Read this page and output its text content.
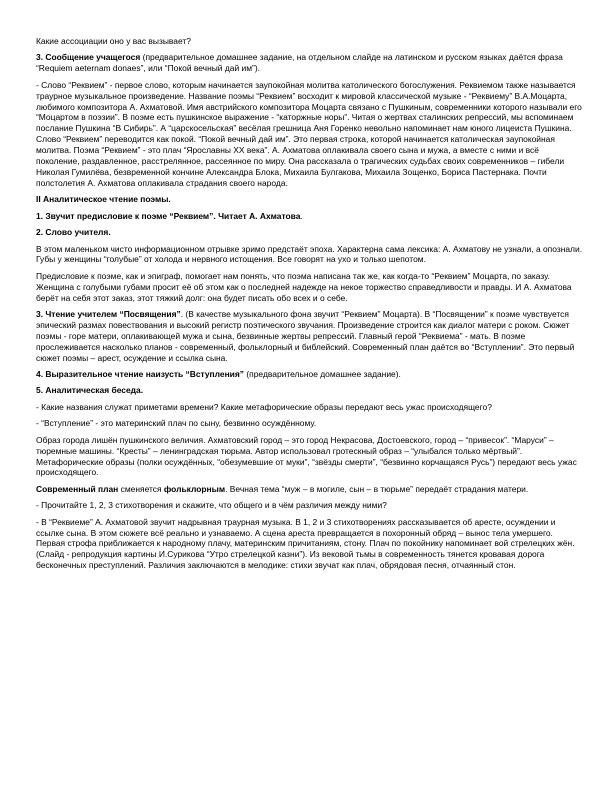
Какие ассоциации оно у вас вызывает?

3. Сообщение учащегося (предварительное домашнее задание, на отдельном слайде на латинском и русском языках даётся фраза “Requiem aeternam donaes”, или “Покой вечный дай им”).

- Слово “Реквием” - первое слово, которым начинается заупокойная молитва католического богослужения. Реквиемом также называется траурное музыкальное произведение. Название поэмы “Реквием” восходит к мировой классической музыке - “Реквиему” В.А.Моцарта, любимого композитора А. Ахматовой. Имя австрийского композитора Моцарта связано с Пушкиным, современники которого называли его “Моцартом в поэзии”. В поэме есть пушкинское выражение - “каторжные норы”. Читая о жертвах сталинских репрессий, мы вспоминаем послание Пушкина “В Сибирь”. А “царскосельская” весёлая грешница Аня Горенко невольно напоминает нам юного лицеиста Пушкина. Слово “Реквием” переводится как покой. “Покой вечный дай им”. Это первая строка, которой начинается католическая заупокойная молитва. Поэма “Реквием” - это плач “Ярославны XX века”. А. Ахматова оплакивала своего сына и мужа, а вместе с ними и всё поколение, раздавленное, расстрелянное, рассеянное по миру. Она рассказала о трагических судьбах своих современников – гибели Николая Гумилёва, безвременной кончине Александра Блока, Михаила Булгакова, Михаила Зощенко, Бориса Пастернака. Почти полстолетия А. Ахматова оплакивала страдания своего народа.

II Аналитическое чтение поэмы.

1. Звучит предисловие к поэме “Реквием”. Читает А. Ахматова.

2. Слово учителя.

В этом маленьком чисто информационном отрывке зримо предстаёт эпоха. Характерна сама лексика: А. Ахматову не узнали, а опознали. Губы у женщины “голубые” от холода и нервного истощения. Все говорят на ухо и только шепотом.

Предисловие к поэме, как и эпиграф, помогает нам понять, что поэма написана так же, как когда-то “Реквием” Моцарта, по заказу. Женщина с голубыми губами просит её об этом как о последней надежде на некое торжество справедливости и правды. И А. Ахматова берёт на себя этот заказ, этот тяжкий долг: она будет писать обо всех и о себе.

3. Чтение учителем “Посвящения”. (В качестве музыкального фона звучит “Реквием” Моцарта). В “Посвящении” к поэме чувствуется эпический размах повествования и высокий регистр поэтического звучания. Произведение строится как диалог матери с роком. Сюжет поэмы - горе матери, оплакивающей мужа и сына, безвинные жертвы репрессий. Главный герой “Реквиема” - мать. В поэме прослеживается насколько планов - современный, фольклорный и библейский. Современный план даётся во “Вступлении”. Это первый сюжет поэмы – арест, осуждение и ссылка сына.

4. Выразительное чтение наизусть “Вступления” (предварительное домашнее задание).

5. Аналитическая беседа.

- Какие названия служат приметами времени? Какие метафорические образы передают весь ужас происходящего?

- “Вступление” - это материнский плач по сыну, безвинно осуждённому.

Образ города лишён пушкинского величия. Ахматовский город – это город Некрасова, Достоевского, город – “привесок”. “Маруси” – тюремные машины. “Кресты” – ленинградская тюрьма. Автор использовал гротескный образ – “улыбался только мёртвый”. Метафорические образы (полки осуждённых, “обезумевшие от муки”, “звёзды смерти”, “безвинно корчащаяся Русь”) передают весь ужас происходящего.

Современный план сменяется фольклорным. Вечная тема “муж – в могиле, сын – в тюрьме” передаёт страдания матери.

- Прочитайте 1, 2, 3 стихотворения и скажите, что общего и в чём различия между ними?

- В “Реквиеме” А. Ахматовой звучит надрывная траурная музыка. В 1, 2 и 3 стихотворениях рассказывается об аресте, осуждении и ссылке сына. В этом сюжете всё реально и узнаваемо. А сцена ареста превращается в похоронный обряд – вынос тела умершего. Первая строфа приближается к народному плачу, материнским причитаниям, стону. Плач по покойнику напоминает вой стрелецких жён. (Слайд - репродукция картины И.Сурикова “Утро стрелецкой казни”). Из вековой тьмы в современность тянется кровавая дорога бесконечных преступлений. Различия заключаются в мелодике: стихи звучат как плач, обрядовая песня, отчаянный стон.
